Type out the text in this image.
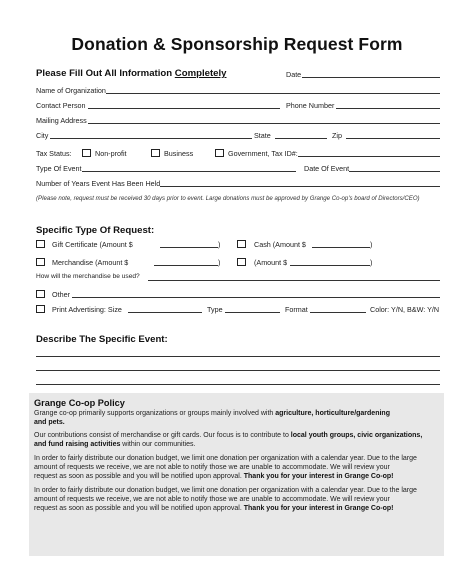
Donation & Sponsorship Request Form
Please Fill Out All Information Completely	Date
Name of Organization
Contact Person	Phone Number
Mailing Address
City	State	Zip
Tax Status:	Non-profit	Business	Government, Tax ID#:
Type Of Event	Date Of Event
Number of Years Event Has Been Held
(Please note, request must be received 30 days prior to event. Large donations must be approved by Grange Co-op's board of Directors/CEO)
Specific Type Of Request:
Gift Certificate (Amount $	)	Cash (Amount $	)
Merchandise (Amount $	)	(Amount $	)
How will the merchandise be used?
Other
Print Advertising: Size	Type	Format	Color: Y/N, B&W: Y/N
Describe The Specific Event:
Grange Co-op Policy
Grange co-op primarily supports organizations or groups mainly involved with agriculture, horticulture/gardening
and pets.
Our contributions consist of merchandise or gift cards. Our focus is to contribute to local youth groups, civic organizations,
and fund raising activities within our communities.
In order to fairly distribute our donation budget, we limit one donation per organization with a calendar year. Due to the large
amount of requests we receive, we are not able to notify those we are unable to accommodate. We will review your
request as soon as possible and you will be notified upon approval. Thank you for your interest in Grange Co-op!
In order to fairly distribute our donation budget, we limit one donation per organization with a calendar year. Due to the large
amount of requests we receive, we are not able to notify those we are unable to accommodate. We will review your
request as soon as possible and you will be notified upon approval. Thank you for your interest in Grange Co-op!
